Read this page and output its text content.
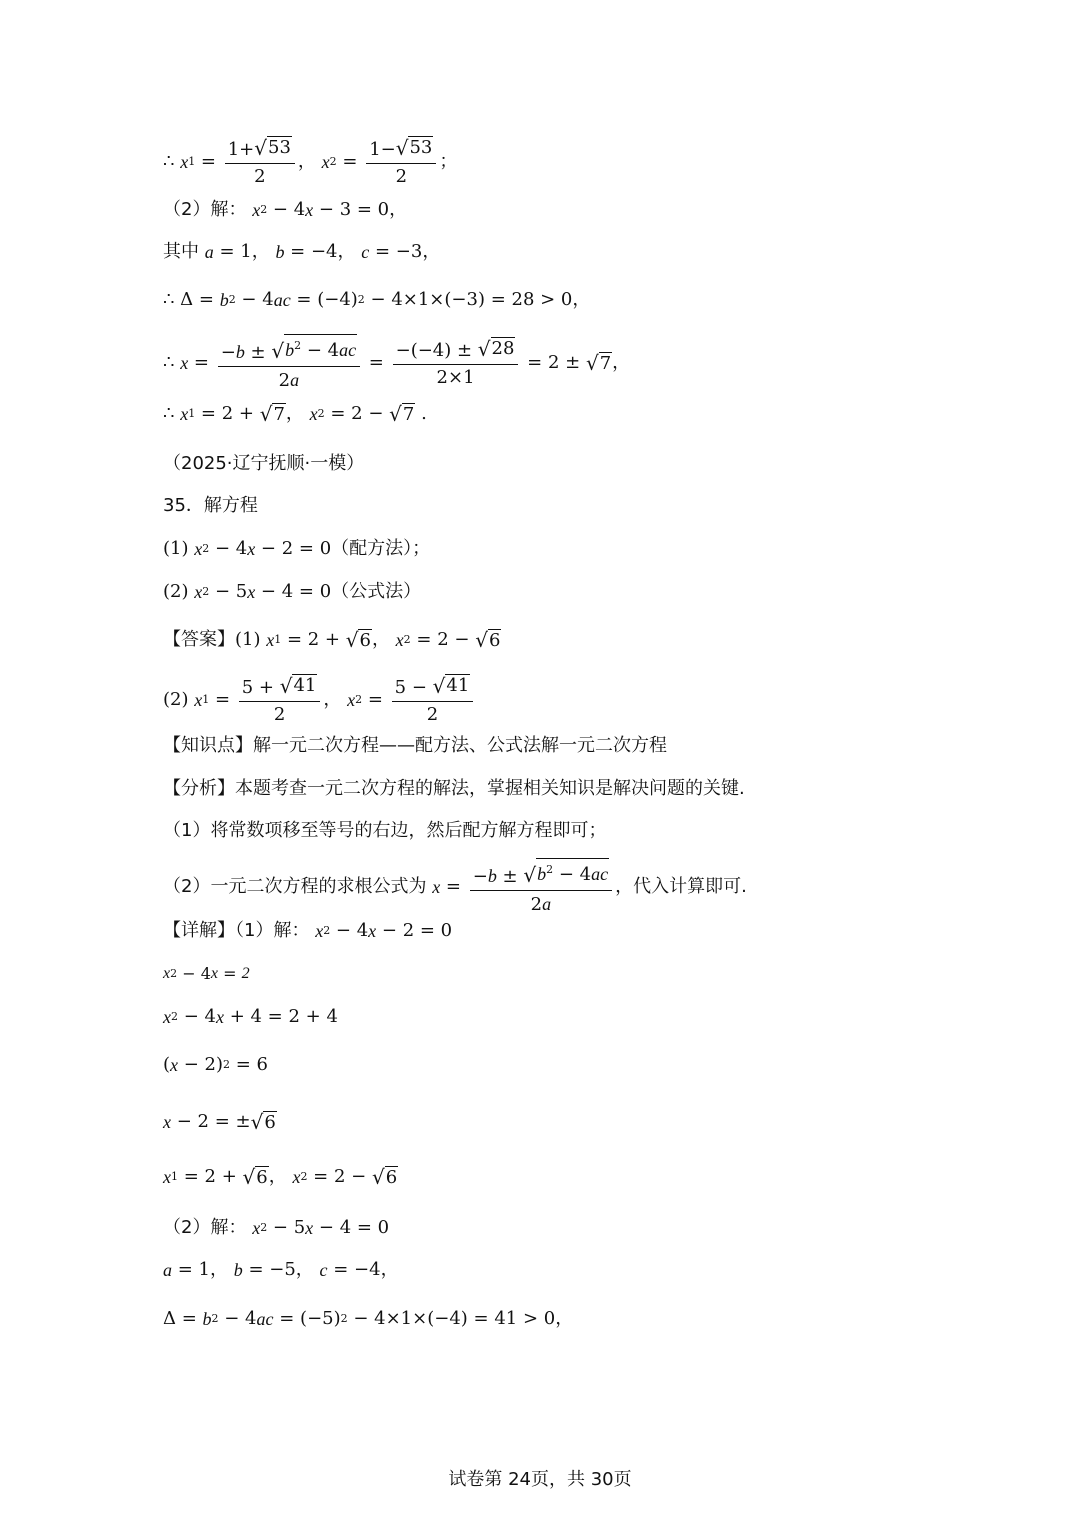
∴ x $1 = \frac{1+ √ 53}{2}$ ， x $2 = \frac{1- √ 53}{2}$ ；
（2）解： x 2 − 4 x − 3 = 0 ，
其中
a = 1 ， b = −4 ， c = −3 ，
∴ Δ = b 2 − 4 ac = (−4) 2 − 4×1×(−3) = 28 > 0 ，
∴ $x = \frac{-b \pm √ b^2 - 4ac}{2a} = \frac{-(-4) \pm √ 28}{2\times 1} = 2$ ± √ 7 ，
∴ x 1 = 2 + √ 7 ， x 2 = 2 − √ 7 .
（2025·辽宁抚顺·一模）
35．解方程
(1) x 2 − 4 x − 2 = 0 （配方法）；
(2) x 2 − 5 x − 4 = 0 （公式法）
【答案】 (1) x 1 = 2 + √ 6 ， x 2 = 2 − √ 6
(2) x $1 = \frac{5 + √ 41}{2}$ ， x $2 = \frac{5 - √ 41}{2}$
【知识点】解一元二次方程——配方法、公式法解一元二次方程
【分析】本题考查一元二次方程的解法，掌握相关知识是解决问题的关键.
（1）将常数项移至等号的右边，然后配方解方程即可；
（2）一元二次方程的求根公式为
$x = \frac{-b \pm √ b^2 - 4ac}{2a}$ ，代入计算即可.
【详解】（1）解： x 2 − 4 x − 2 = 0
x 2 − 4 x = 2
x 2 − 4 x + 4 = 2 + 4
( x − 2) 2 = 6
x − 2 = ± √ 6
x 1 = 2 + √ 6 ， x 2 = 2 − √ 6
（2）解： x 2 − 5 x − 4 = 0
a = 1 ， b = −5 ， c = −4 ，
Δ = b 2 − 4 ac = (−5) 2 − 4×1×(−4) = 41 > 0 ，
试卷第 24页，共 30页
